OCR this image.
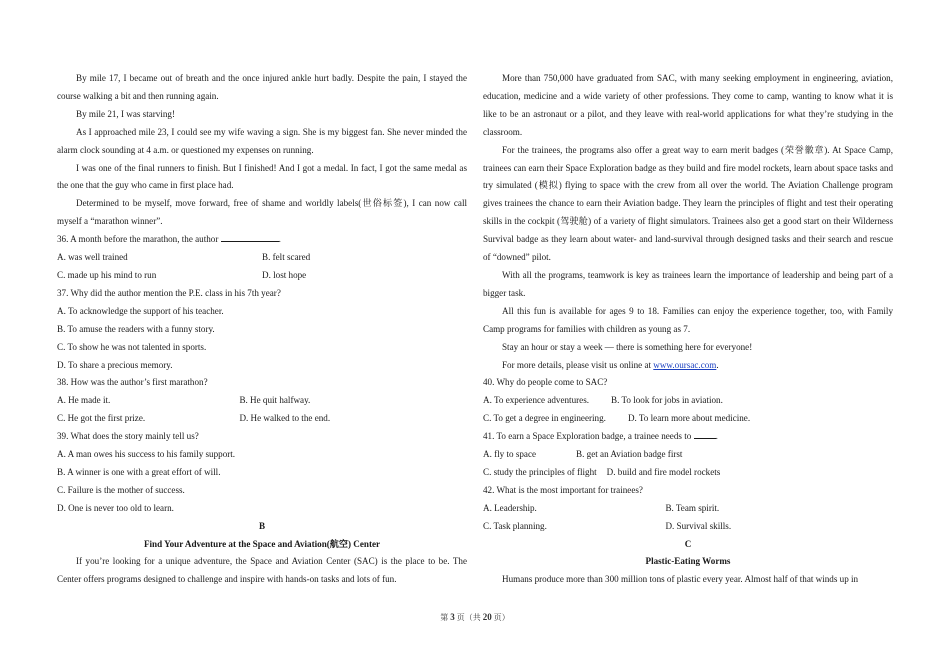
By mile 17, I became out of breath and the once injured ankle hurt badly. Despite the pain, I stayed the course walking a bit and then running again.

By mile 21, I was starving!

As I approached mile 23, I could see my wife waving a sign. She is my biggest fan. She never minded the alarm clock sounding at 4 a.m. or questioned my expenses on running.

I was one of the final runners to finish. But I finished! And I got a medal. In fact, I got the same medal as the one that the guy who came in first place had.

Determined to be myself, move forward, free of shame and worldly labels(世俗标签), I can now call myself a “marathon winner”.

36. A month before the marathon, the author	.

A. was well trained	B. felt scared
C. made up his mind to run	D. lost hope

37. Why did the author mention the P.E. class in his 7th year?

A. To acknowledge the support of his teacher.

B. To amuse the readers with a funny story.

C. To show he was not talented in sports.

D. To share a precious memory.

38. How was the author’s first marathon?

A. He made it.	B. He quit halfway.
C. He got the first prize.	D. He walked to the end.

39. What does the story mainly tell us?

A. A man owes his success to his family support.

B. A winner is one with a great effort of will.

C. Failure is the mother of success.

D. One is never too old to learn.

B

Find Your Adventure at the Space and Aviation(航空) Center

If you’re looking for a unique adventure, the Space and Aviation Center (SAC) is the place to be. The Center offers programs designed to challenge and inspire with hands-on tasks and lots of fun.

More than 750,000 have graduated from SAC, with many seeking employment in engineering, aviation, education, medicine and a wide variety of other professions. They come to camp, wanting to know what it is like to be an astronaut or a pilot, and they leave with real-world applications for what they’re studying in the classroom.

For the trainees, the programs also offer a great way to earn merit badges (荣誉徽章). At Space Camp, trainees can earn their Space Exploration badge as they build and fire model rockets, learn about space tasks and try simulated (模拟) flying to space with the crew from all over the world. The Aviation Challenge program gives trainees the chance to earn their Aviation badge. They learn the principles of flight and test their operating skills in the cockpit (驾驶舱) of a variety of flight simulators. Trainees also get a good start on their Wilderness Survival badge as they learn about water- and land-survival through designed tasks and their search and rescue of “downed” pilot.

With all the programs, teamwork is key as trainees learn the importance of leadership and being part of a bigger task.

All this fun is available for ages 9 to 18. Families can enjoy the experience together, too, with Family Camp programs for families with children as young as 7.

Stay an hour or stay a week — there is something here for everyone!

For more details, please visit us online at www.oursac.com.

40. Why do people come to SAC?

A. To experience adventures. B. To look for jobs in aviation.
C. To get a degree in engineering. D. To learn more about medicine.

41. To earn a Space Exploration badge, a trainee needs to	.

A. fly to space	B. get an Aviation badge first
C. study the principles of flight D. build and fire model rockets

42. What is the most important for trainees?

A. Leadership.	B. Team spirit.
C. Task planning.	D. Survival skills.

C

Plastic-Eating Worms

Humans produce more than 300 million tons of plastic every year. Almost half of that winds up in

第 3 页（共 20 页）
